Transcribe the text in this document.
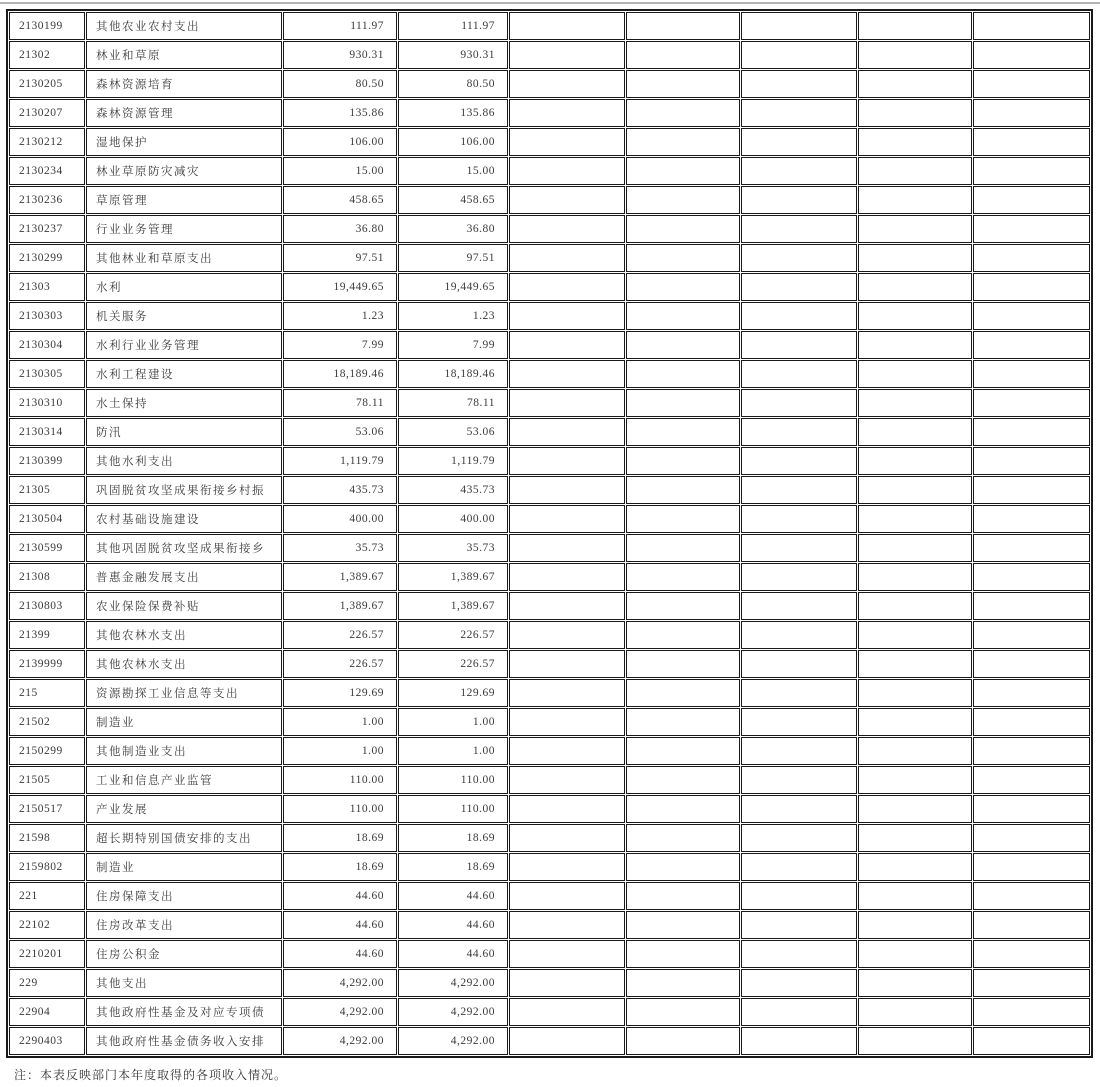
2130199	其他农业农村支出	111.97	111.97					
21302	林业和草原	930.31	930.31					
2130205	森林资源培育	80.50	80.50					
2130207	森林资源管理	135.86	135.86					
2130212	湿地保护	106.00	106.00					
2130234	林业草原防灾减灾	15.00	15.00					
2130236	草原管理	458.65	458.65					
2130237	行业业务管理	36.80	36.80					
2130299	其他林业和草原支出	97.51	97.51					
21303	水利	19,449.65	19,449.65					
2130303	机关服务	1.23	1.23					
2130304	水利行业业务管理	7.99	7.99					
2130305	水利工程建设	18,189.46	18,189.46					
2130310	水土保持	78.11	78.11					
2130314	防汛	53.06	53.06					
2130399	其他水利支出	1,119.79	1,119.79					
21305	巩固脱贫攻坚成果衔接乡村振	435.73	435.73					
2130504	农村基础设施建设	400.00	400.00					
2130599	其他巩固脱贫攻坚成果衔接乡	35.73	35.73					
21308	普惠金融发展支出	1,389.67	1,389.67					
2130803	农业保险保费补贴	1,389.67	1,389.67					
21399	其他农林水支出	226.57	226.57					
2139999	其他农林水支出	226.57	226.57					
215	资源勘探工业信息等支出	129.69	129.69					
21502	制造业	1.00	1.00					
2150299	其他制造业支出	1.00	1.00					
21505	工业和信息产业监管	110.00	110.00					
2150517	产业发展	110.00	110.00					
21598	超长期特别国债安排的支出	18.69	18.69					
2159802	制造业	18.69	18.69					
221	住房保障支出	44.60	44.60					
22102	住房改革支出	44.60	44.60					
2210201	住房公积金	44.60	44.60					
229	其他支出	4,292.00	4,292.00					
22904	其他政府性基金及对应专项债	4,292.00	4,292.00					
2290403	其他政府性基金债务收入安排	4,292.00	4,292.00					
注：本表反映部门本年度取得的各项收入情况。
